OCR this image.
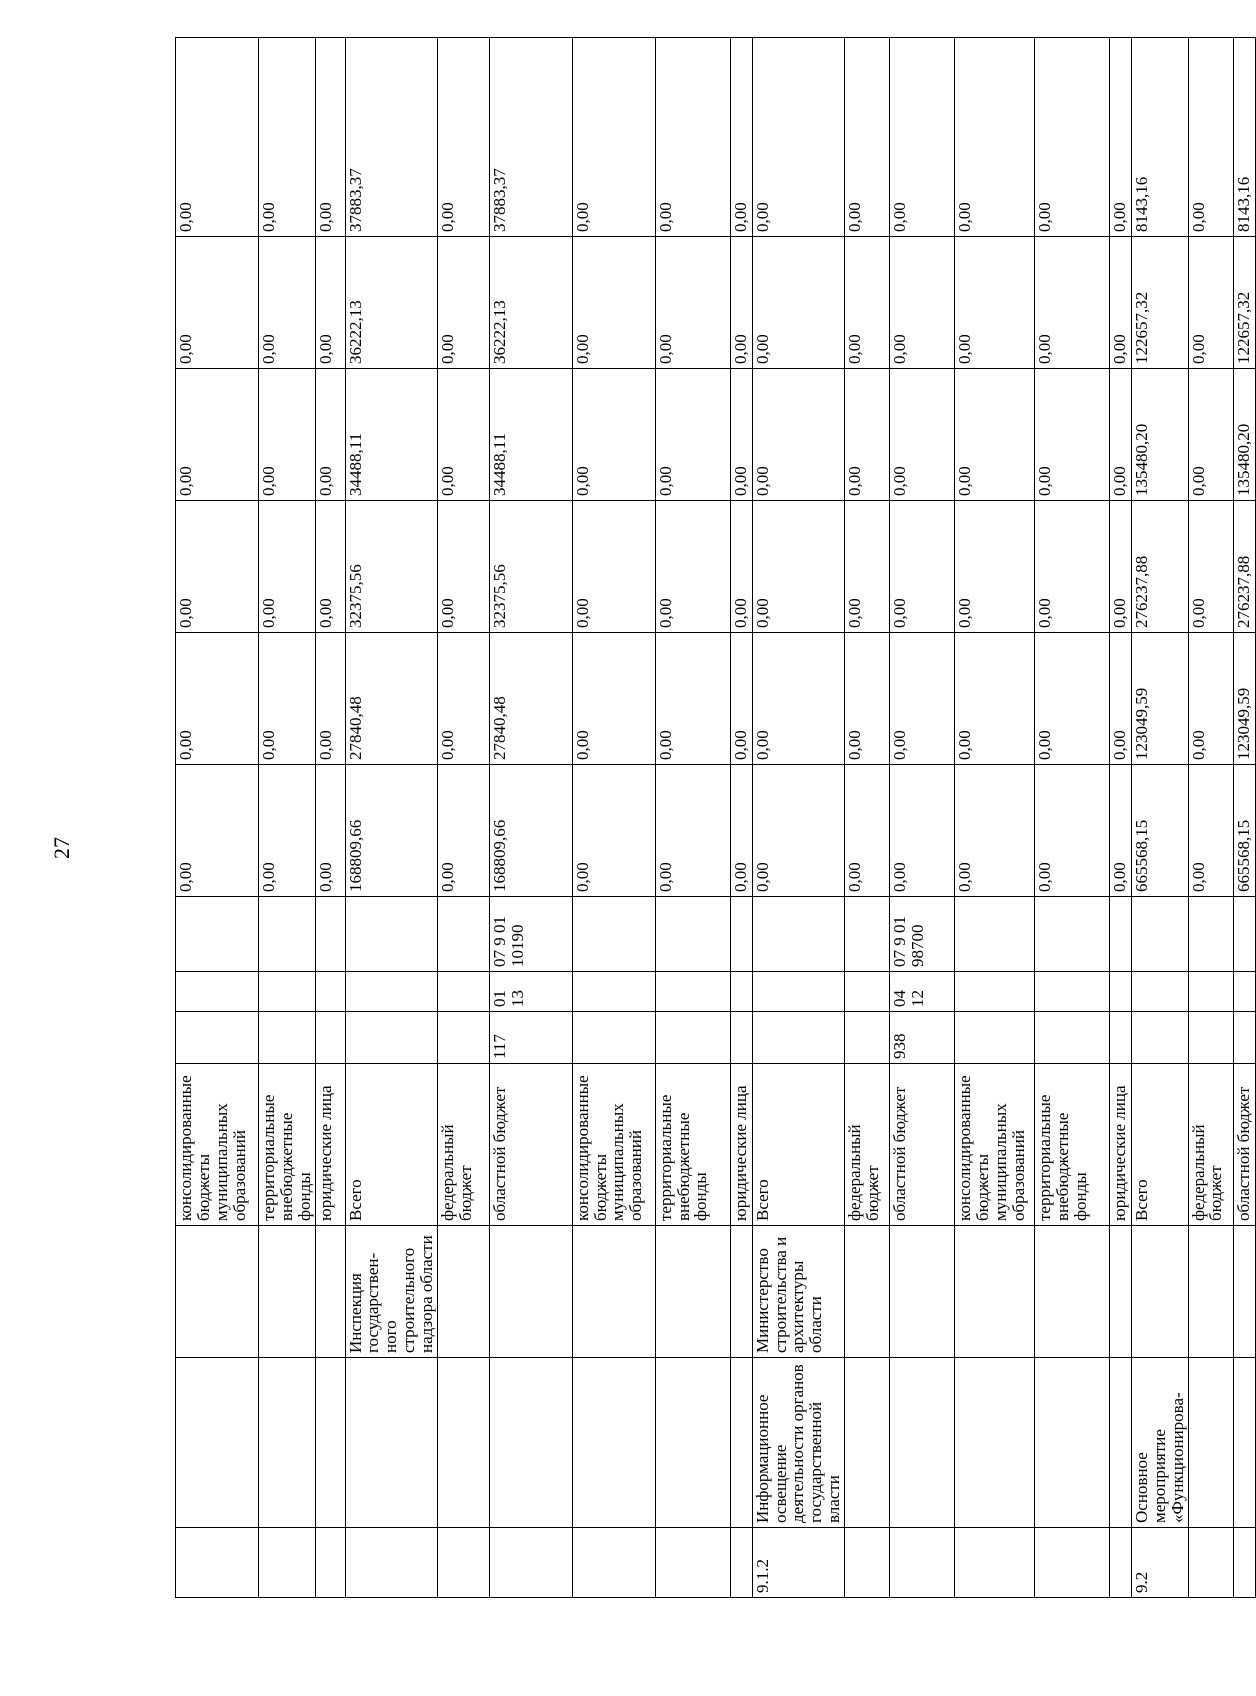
27
			консолидированные бюджеты муниципальных образований				0,00	0,00	0,00	0,00	0,00	0,00
			территориальные внебюджетные фонды				0,00	0,00	0,00	0,00	0,00	0,00
			юридические лица				0,00	0,00	0,00	0,00	0,00	0,00
		Инспекция государствен-ного строительного надзора области	Всего				168809,66	27840,48	32375,56	34488,11	36222,13	37883,37
			федеральный бюджет				0,00	0,00	0,00	0,00	0,00	0,00
			областной бюджет	117	01 13	07 9 01 10190	168809,66	27840,48	32375,56	34488,11	36222,13	37883,37
			консолидированные бюджеты муниципальных образований				0,00	0,00	0,00	0,00	0,00	0,00
			территориальные внебюджетные фонды				0,00	0,00	0,00	0,00	0,00	0,00
			юридические лица				0,00	0,00	0,00	0,00	0,00	0,00
9.1.2	Информационное освещение деятельности органов государственной власти	Министерство строительства и архитектуры области	Всего				0,00	0,00	0,00	0,00	0,00	0,00
			федеральный бюджет				0,00	0,00	0,00	0,00	0,00	0,00
			областной бюджет	938	04 12	07 9 01 98700	0,00	0,00	0,00	0,00	0,00	0,00
			консолидированные бюджеты муниципальных образований				0,00	0,00	0,00	0,00	0,00	0,00
			территориальные внебюджетные фонды				0,00	0,00	0,00	0,00	0,00	0,00
			юридические лица				0,00	0,00	0,00	0,00	0,00	0,00
9.2	Основное мероприятие «Функционирова-		Всего				665568,15	123049,59	276237,88	135480,20	122657,32	8143,16
			федеральный бюджет				0,00	0,00	0,00	0,00	0,00	0,00
			областной бюджет				665568,15	123049,59	276237,88	135480,20	122657,32	8143,16
